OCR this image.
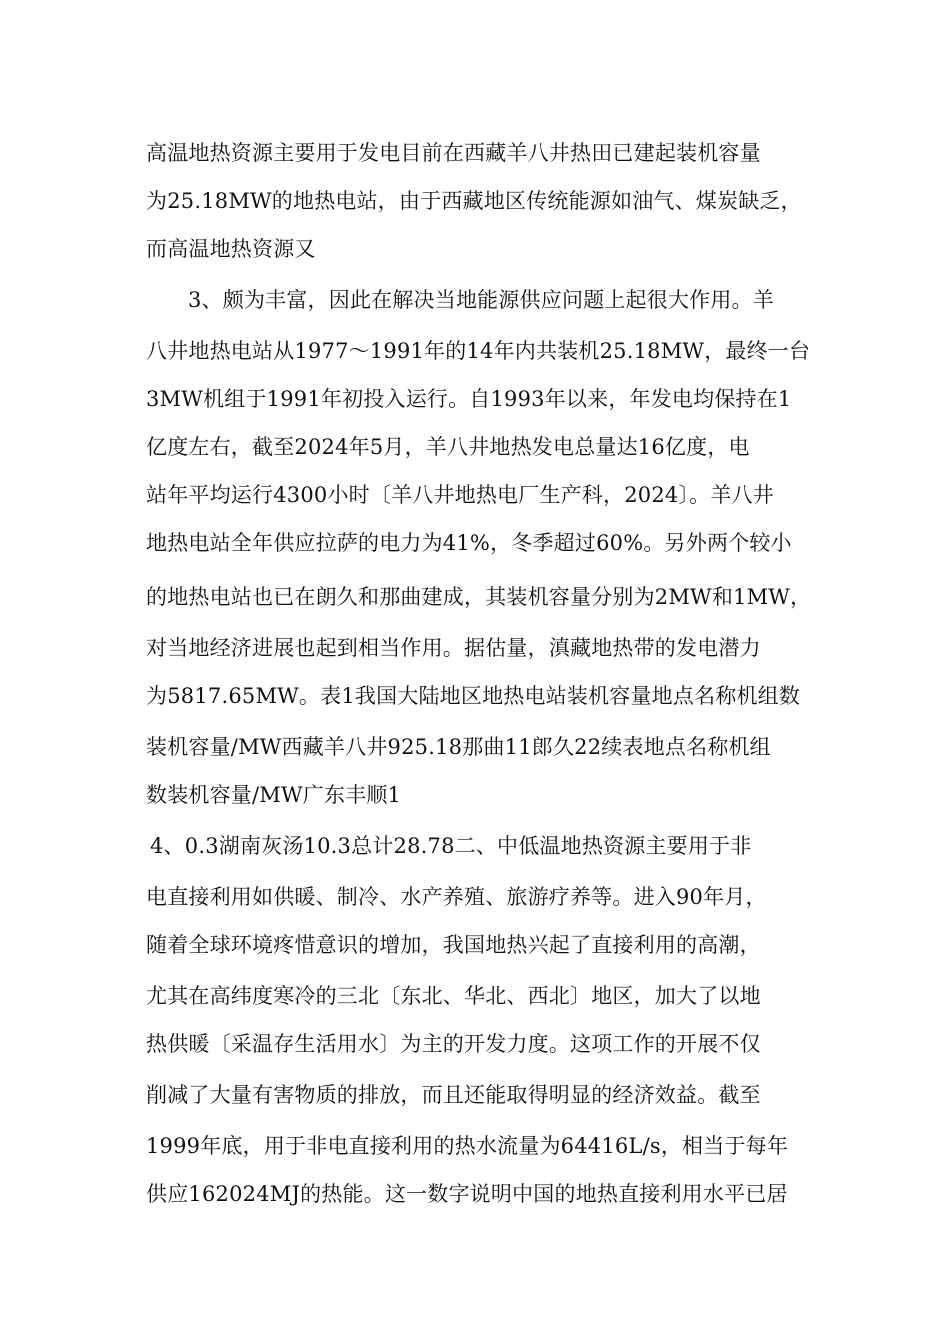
高温地热资源主要用于发电目前在西藏羊八井热田已建起装机容量
为25.18MW的地热电站，由于西藏地区传统能源如油气、煤炭缺乏，
而高温地热资源又
3、颇为丰富，因此在解决当地能源供应问题上起很大作用。羊
八井地热电站从1977～1991年的14年内共装机25.18MW，最终一台
3MW机组于1991年初投入运行。自1993年以来，年发电均保持在1
亿度左右，截至2024年5月，羊八井地热发电总量达16亿度，电
站年平均运行4300小时〔羊八井地热电厂生产科，2024〕。羊八井
地热电站全年供应拉萨的电力为41%，冬季超过60%。另外两个较小
的地热电站也已在朗久和那曲建成，其装机容量分别为2MW和1MW，
对当地经济进展也起到相当作用。据估量，滇藏地热带的发电潜力
为5817.65MW。表1我国大陆地区地热电站装机容量地点名称机组数
装机容量/MW西藏羊八井925.18那曲11郎久22续表地点名称机组
数装机容量/MW广东丰顺1
4、0.3湖南灰汤10.3总计28.78二、中低温地热资源主要用于非
电直接利用如供暖、制冷、水产养殖、旅游疗养等。进入90年月，
随着全球环境疼惜意识的增加，我国地热兴起了直接利用的高潮，
尤其在高纬度寒冷的三北〔东北、华北、西北〕地区，加大了以地
热供暖〔采温存生活用水〕为主的开发力度。这项工作的开展不仅
削减了大量有害物质的排放，而且还能取得明显的经济效益。截至
1999年底，用于非电直接利用的热水流量为64416L/s，相当于每年
供应162024MJ的热能。这一数字说明中国的地热直接利用水平已居
